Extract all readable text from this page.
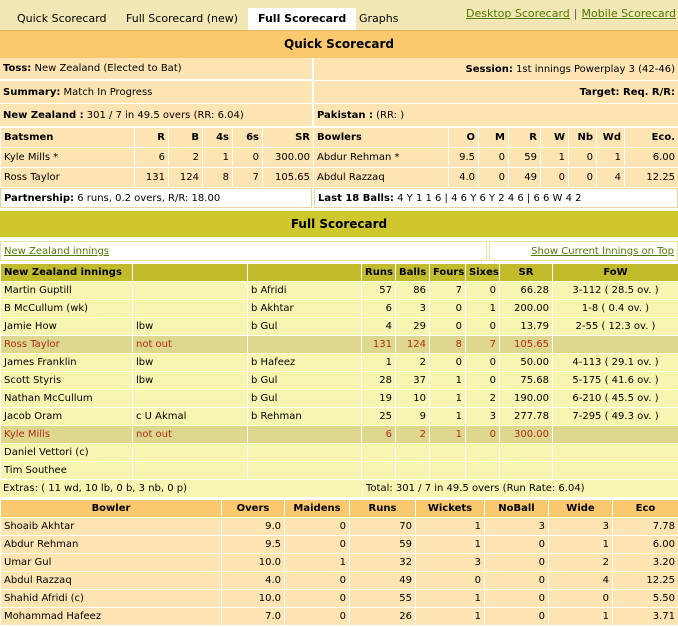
Quick Scorecard Full Scorecard (new)	Full Scorecard	Graphs	Desktop Scorecard | Mobile Scorecard
Quick Scorecard
Toss:
New Zealand (Elected to Bat)	Session:
1st innings Powerplay 3 (42-46)
Summary:
Match In Progress	Target:
Req. R/R:
New Zealand :
301 / 7 in 49.5 overs (RR: 6.04)	Pakistan :
(RR: )
Batsmen	R	B	4s	6s	SR
Kyle Mills *	6	2	1	0	300.00
Ross Taylor	131	124	8	7	105.65
Bowlers	O	M	R	W	Nb	Wd	Eco.
Abdur Rehman *	9.5	0	59	1	0	1	6.00
Abdul Razzaq	4.0	0	49	0	0	4	12.25
Partnership:
6 runs, 0.2 overs, R/R: 18.00	Last 18 Balls:
4 Y 1 1 6 | 4 6 Y 6 Y 2 4 6 | 6 6 W 4 2
Full Scorecard
New Zealand innings	Show Current Innings on Top
New Zealand innings			Runs	Balls	Fours	Sixes	SR	FoW
Martin Guptill		b Afridi	57	86	7	0	66.28	3-112 ( 28.5 ov. )
B McCullum (wk)		b Akhtar	6	3	0	1	200.00	1-8 ( 0.4 ov. )
Jamie How	lbw	b Gul	4	29	0	0	13.79	2-55 ( 12.3 ov. )
Ross Taylor	not out		131	124	8	7	105.65	
James Franklin	lbw	b Hafeez	1	2	0	0	50.00	4-113 ( 29.1 ov. )
Scott Styris	lbw	b Gul	28	37	1	0	75.68	5-175 ( 41.6 ov. )
Nathan McCullum		b Gul	19	10	1	2	190.00	6-210 ( 45.5 ov. )
Jacob Oram	c U Akmal	b Rehman	25	9	1	3	277.78	7-295 ( 49.3 ov. )
Kyle Mills	not out		6	2	1	0	300.00	
Daniel Vettori (c)								
Tim Southee								
Extras: ( 11 wd, 10 lb, 0 b, 3 nb, 0 p)	Total: 301 / 7 in 49.5 overs (Run Rate: 6.04)
Bowler	Overs	Maidens	Runs	Wickets	NoBall	Wide	Eco
Shoaib Akhtar	9.0	0	70	1	3	3	7.78
Abdur Rehman	9.5	0	59	1	0	1	6.00
Umar Gul	10.0	1	32	3	0	2	3.20
Abdul Razzaq	4.0	0	49	0	0	4	12.25
Shahid Afridi (c)	10.0	0	55	1	0	0	5.50
Mohammad Hafeez	7.0	0	26	1	0	1	3.71
